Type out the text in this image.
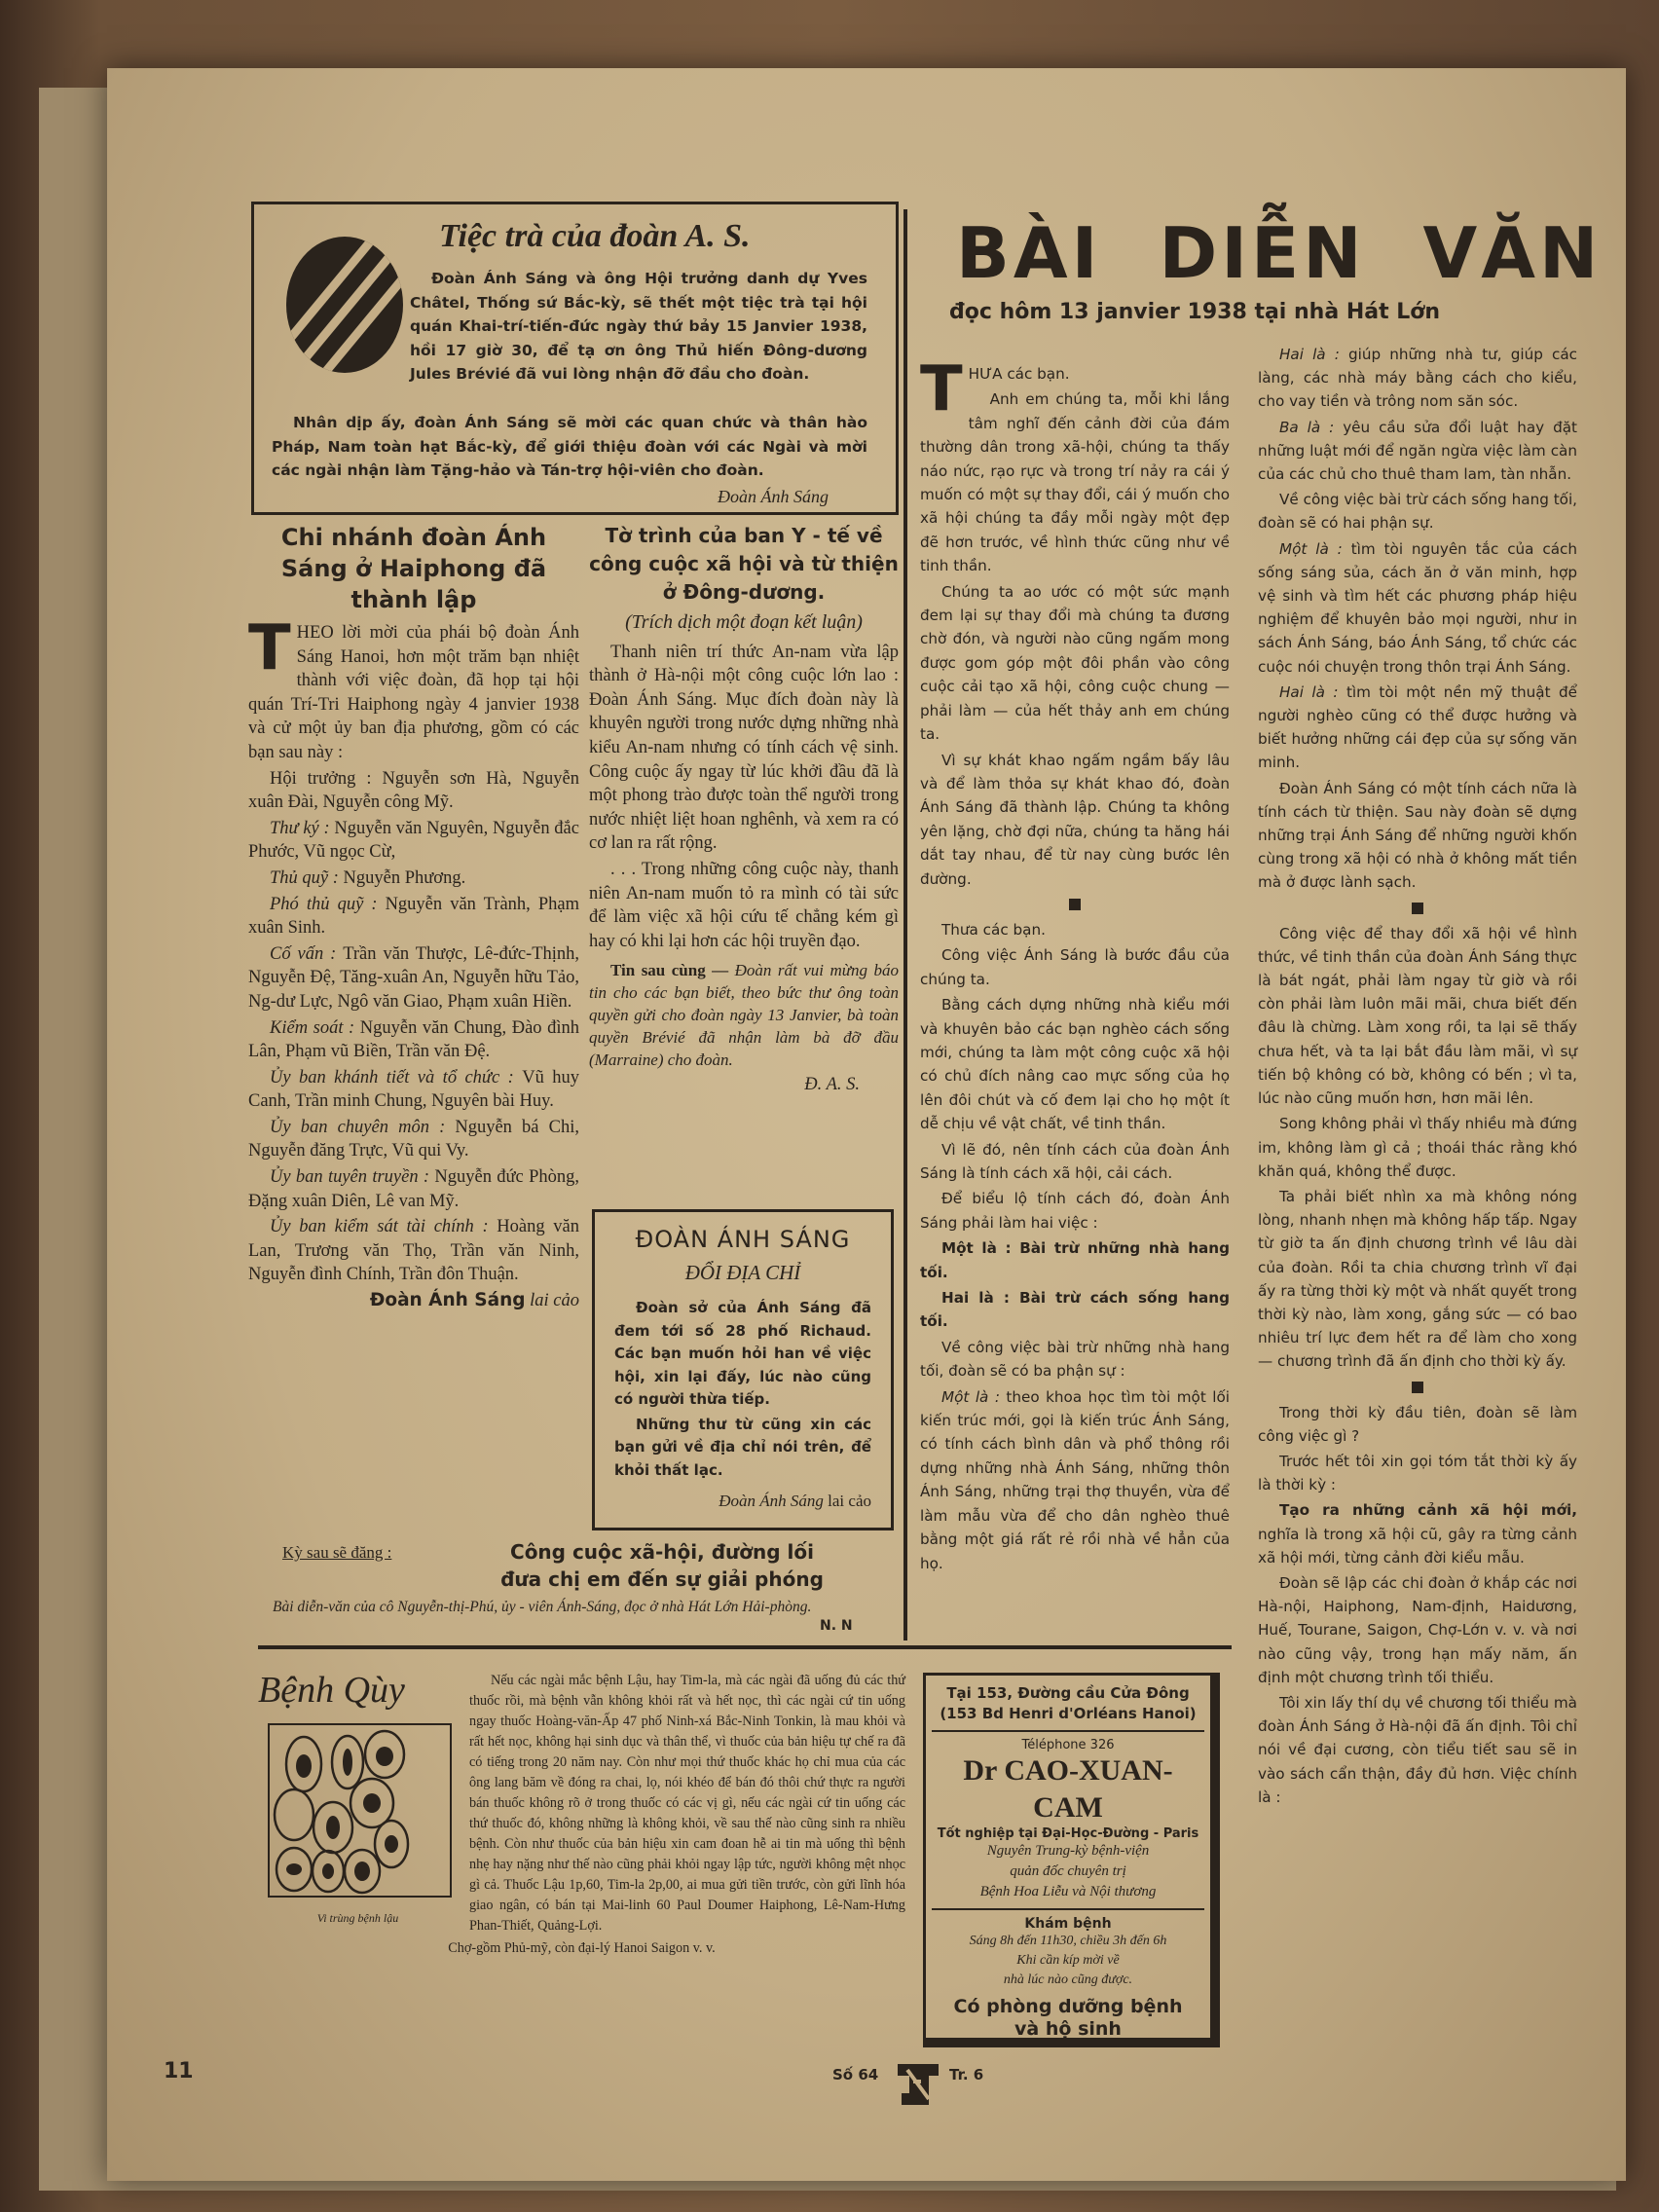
11
Tiệc trà của đoàn A. S.

Đoàn Ánh Sáng và ông Hội trưởng danh dự Yves Châtel, Thống sứ Bắc-kỳ, sẽ thết một tiệc trà tại hội quán Khai-trí-tiến-đức ngày thứ bảy 15 Janvier 1938, hồi 17 giờ 30, để tạ ơn ông Thủ hiến Đông-dương Jules Brévié đã vui lòng nhận đỡ đầu cho đoàn.

Nhân dịp ấy, đoàn Ánh Sáng sẽ mời các quan chức và thân hào Pháp, Nam toàn hạt Bắc-kỳ, để giới thiệu đoàn với các Ngài và mời các ngài nhận làm Tặng-hảo và Tán-trợ hội-viên cho đoàn.

Đoàn Ánh Sáng

Chi nhánh đoàn Ánh Sáng ở Haiphong đã thành lập

THEO lời mời của phái bộ đoàn Ánh Sáng Hanoi, hơn một trăm bạn nhiệt thành với việc đoàn, đã họp tại hội quán Trí-Tri Haiphong ngày 4 janvier 1938 và cử một ủy ban địa phương, gồm có các bạn sau này :

Hội trưởng : Nguyễn sơn Hà, Nguyễn xuân Đài, Nguyễn công Mỹ.

Thư ký : Nguyễn văn Nguyên, Nguyễn đắc Phước, Vũ ngọc Cừ,

Thủ quỹ : Nguyễn Phương.

Phó thủ quỹ : Nguyễn văn Trành, Phạm xuân Sinh.

Cố vấn : Trần văn Thược, Lê-đức-Thịnh, Nguyễn Đệ, Tăng-xuân An, Nguyễn hữu Tảo, Ng-dư Lực, Ngô văn Giao, Phạm xuân Hiền.

Kiểm soát : Nguyễn văn Chung, Đào đình Lân, Phạm vũ Biền, Trần văn Đệ.

Ủy ban khánh tiết và tổ chức : Vũ huy Canh, Trần minh Chung, Nguyên bài Huy.

Ủy ban chuyên môn : Nguyễn bá Chi, Nguyễn đăng Trực, Vũ qui Vy.

Ủy ban tuyên truyền : Nguyễn đức Phòng, Đặng xuân Diên, Lê van Mỹ.

Ủy ban kiểm sát tài chính : Hoàng văn Lan, Trương văn Thọ, Trần văn Ninh, Nguyễn đình Chính, Trần đôn Thuận.

Đoàn Ánh Sáng lai cảo

Tờ trình của ban Y - tế về công cuộc xã hội và từ thiện ở Đông-dương.

(Trích dịch một đoạn kết luận)

Thanh niên trí thức An-nam vừa lập thành ở Hà-nội một công cuộc lớn lao : Đoàn Ánh Sáng. Mục đích đoàn này là khuyên người trong nước dựng những nhà kiểu An-nam nhưng có tính cách vệ sinh. Công cuộc ấy ngay từ lúc khởi đầu đã là một phong trào được toàn thể người trong nước nhiệt liệt hoan nghênh, và xem ra có cơ lan ra rất rộng.

. . . Trong những công cuộc này, thanh niên An-nam muốn tỏ ra mình có tài sức để làm việc xã hội cứu tế chẳng kém gì hay có khi lại hơn các hội truyền đạo.

Tin sau cùng — Đoàn rất vui mừng báo tin cho các bạn biết, theo bức thư ông toàn quyền gửi cho đoàn ngày 13 Janvier, bà toàn quyền Brévié đã nhận làm bà đỡ đầu (Marraine) cho đoàn.

Đ. A. S.

ĐOÀN ÁNH SÁNG

ĐỔI ĐỊA CHỈ

Đoàn sở của Ánh Sáng đã đem tới số 28 phố Richaud. Các bạn muốn hỏi han về việc hội, xin lại đấy, lúc nào cũng có người thừa tiếp.

Những thư từ cũng xin các bạn gửi về địa chỉ nói trên, để khỏi thất lạc.

Đoàn Ánh Sáng lai cảo

Kỳ sau sẽ đăng :	Công cuộc xã-hội, đường lối
đưa chị em đến sự giải phóng
Bài diễn-văn của cô Nguyễn-thị-Phú, ủy - viên Ánh-Sáng, đọc ở nhà Hát Lớn Hải-phòng.
N. N
BÀI DIỄN VĂN
đọc hôm 13 janvier 1938 tại nhà Hát Lớn

THƯA các bạn.

Anh em chúng ta, mỗi khi lắng tâm nghĩ đến cảnh đời của đám thường dân trong xã-hội, chúng ta thấy náo nức, rạo rực và trong trí nảy ra cái ý muốn có một sự thay đổi, cái ý muốn cho xã hội chúng ta đầy mỗi ngày một đẹp đẽ hơn trước, về hình thức cũng như về tinh thần.

Chúng ta ao ước có một sức mạnh đem lại sự thay đổi mà chúng ta đương chờ đón, và người nào cũng ngấm mong được gom góp một đôi phần vào công cuộc cải tạo xã hội, công cuộc chung — phải làm — của hết thảy anh em chúng ta.

Vì sự khát khao ngấm ngầm bấy lâu và để làm thỏa sự khát khao đó, đoàn Ánh Sáng đã thành lập. Chúng ta không yên lặng, chờ đợi nữa, chúng ta hăng hái dắt tay nhau, để từ nay cùng bước lên đường.

Thưa các bạn.

Công việc Ánh Sáng là bước đầu của chúng ta.

Bằng cách dựng những nhà kiểu mới và khuyên bảo các bạn nghèo cách sống mới, chúng ta làm một công cuộc xã hội có chủ đích nâng cao mực sống của họ lên đôi chút và cố đem lại cho họ một ít dễ chịu về vật chất, về tinh thần.

Vì lẽ đó, nên tính cách của đoàn Ánh Sáng là tính cách xã hội, cải cách.

Để biểu lộ tính cách đó, đoàn Ánh Sáng phải làm hai việc :

Một là : Bài trừ những nhà hang tối.

Hai là : Bài trừ cách sống hang tối.

Về công việc bài trừ những nhà hang tối, đoàn sẽ có ba phận sự :

Một là : theo khoa học tìm tòi một lối kiến trúc mới, gọi là kiến trúc Ánh Sáng, có tính cách bình dân và phổ thông rồi dựng những nhà Ánh Sáng, những thôn Ánh Sáng, những trại thợ thuyền, vừa để làm mẫu vừa để cho dân nghèo thuê bằng một giá rất rẻ rồi nhà về hẳn của họ.

Hai là : giúp những nhà tư, giúp các làng, các nhà máy bằng cách cho kiểu, cho vay tiền và trông nom săn sóc.

Ba là : yêu cầu sửa đổi luật hay đặt những luật mới để ngăn ngừa việc làm càn của các chủ cho thuê tham lam, tàn nhẫn.

Về công việc bài trừ cách sống hang tối, đoàn sẽ có hai phận sự.

Một là : tìm tòi nguyên tắc của cách sống sáng sủa, cách ăn ở văn minh, hợp vệ sinh và tìm hết các phương pháp hiệu nghiệm để khuyên bảo mọi người, như in sách Ánh Sáng, báo Ánh Sáng, tổ chức các cuộc nói chuyện trong thôn trại Ánh Sáng.

Hai là : tìm tòi một nền mỹ thuật để người nghèo cũng có thể được hưởng và biết hưởng những cái đẹp của sự sống văn minh.

Đoàn Ánh Sáng có một tính cách nữa là tính cách từ thiện. Sau này đoàn sẽ dựng những trại Ánh Sáng để những người khốn cùng trong xã hội có nhà ở không mất tiền mà ở được lành sạch.

Công việc để thay đổi xã hội về hình thức, về tinh thần của đoàn Ánh Sáng thực là bát ngát, phải làm ngay từ giờ và rồi còn phải làm luôn mãi mãi, chưa biết đến đâu là chừng. Làm xong rồi, ta lại sẽ thấy chưa hết, và ta lại bắt đầu làm mãi, vì sự tiến bộ không có bờ, không có bến ; vì ta, lúc nào cũng muốn hơn, hơn mãi lên.

Song không phải vì thấy nhiều mà đứng im, không làm gì cả ; thoái thác rằng khó khăn quá, không thể được.

Ta phải biết nhìn xa mà không nóng lòng, nhanh nhẹn mà không hấp tấp. Ngay từ giờ ta ấn định chương trình về lâu dài của đoàn. Rồi ta chia chương trình vĩ đại ấy ra từng thời kỳ một và nhất quyết trong thời kỳ nào, làm xong, gắng sức — có bao nhiêu trí lực đem hết ra để làm cho xong — chương trình đã ấn định cho thời kỳ ấy.

Trong thời kỳ đầu tiên, đoàn sẽ làm công việc gì ?

Trước hết tôi xin gọi tóm tắt thời kỳ ấy là thời kỳ :

Tạo ra những cảnh xã hội mới, nghĩa là trong xã hội cũ, gây ra từng cảnh xã hội mới, từng cảnh đời kiểu mẫu.

Đoàn sẽ lập các chi đoàn ở khắp các nơi Hà-nội, Haiphong, Nam-định, Haidương, Huế, Tourane, Saigon, Chợ-Lớn v. v. và nơi nào cũng vậy, trong hạn mấy năm, ấn định một chương trình tối thiểu.

Tôi xin lấy thí dụ về chương tối thiểu mà đoàn Ánh Sáng ở Hà-nội đã ấn định. Tôi chỉ nói về đại cương, còn tiểu tiết sau sẽ in vào sách cẩn thận, đầy đủ hơn. Việc chính là :

Bệnh Qùy
Vi trùng bệnh lậu

Nếu các ngài mắc bệnh Lậu, hay Tim-la, mà các ngài đã uống đủ các thứ thuốc rồi, mà bệnh vẫn không khỏi rất và hết nọc, thì các ngài cứ tin uống ngay thuốc Hoàng-văn-Ấp 47 phố Ninh-xá Bắc-Ninh Tonkin, là mau khỏi và rất hết nọc, không hại sinh dục và thân thể, vì thuốc của bản hiệu tự chế ra đã có tiếng trong 20 năm nay. Còn như mọi thứ thuốc khác họ chỉ mua của các ông lang băm về đóng ra chai, lọ, nói khéo để bán đó thôi chứ thực ra người bán thuốc không rõ ở trong thuốc có các vị gì, nếu các ngài cứ tin uống các thứ thuốc đó, không những là không khỏi, về sau thế nào cũng sinh ra nhiều bệnh. Còn như thuốc của bản hiệu xin cam đoan hễ ai tin mà uống thì bệnh nhẹ hay nặng như thế nào cũng phải khỏi ngay lập tức, người không mệt nhọc gì cả. Thuốc Lậu 1p,60, Tim-la 2p,00, ai mua gửi tiền trước, còn gửi lĩnh hóa giao ngân, có bán tại Mai-linh 60 Paul Doumer Haiphong, Lê-Nam-Hưng Phan-Thiết, Quảng-Lợi.

Chợ-gồm Phủ-mỹ, còn đại-lý Hanoi Saigon v. v.

Tại 153, Đường cầu Cửa Đông
(153 Bd Henri d'Orléans Hanoi)
Téléphone 326
Dr CAO-XUAN-CAM
Tốt nghiệp tại Đại-Học-Đường - Paris
Nguyên Trung-kỳ bệnh-viện
quản đốc chuyên trị
Bệnh Hoa Liễu và Nội thương
Khám bệnh
Sáng 8h đến 11h30, chiều 3h đến 6h
Khi cần kíp mời về
nhà lúc nào cũng được.
Có phòng dưỡng bệnh
và hộ sinh
Số 64	Tr. 6
